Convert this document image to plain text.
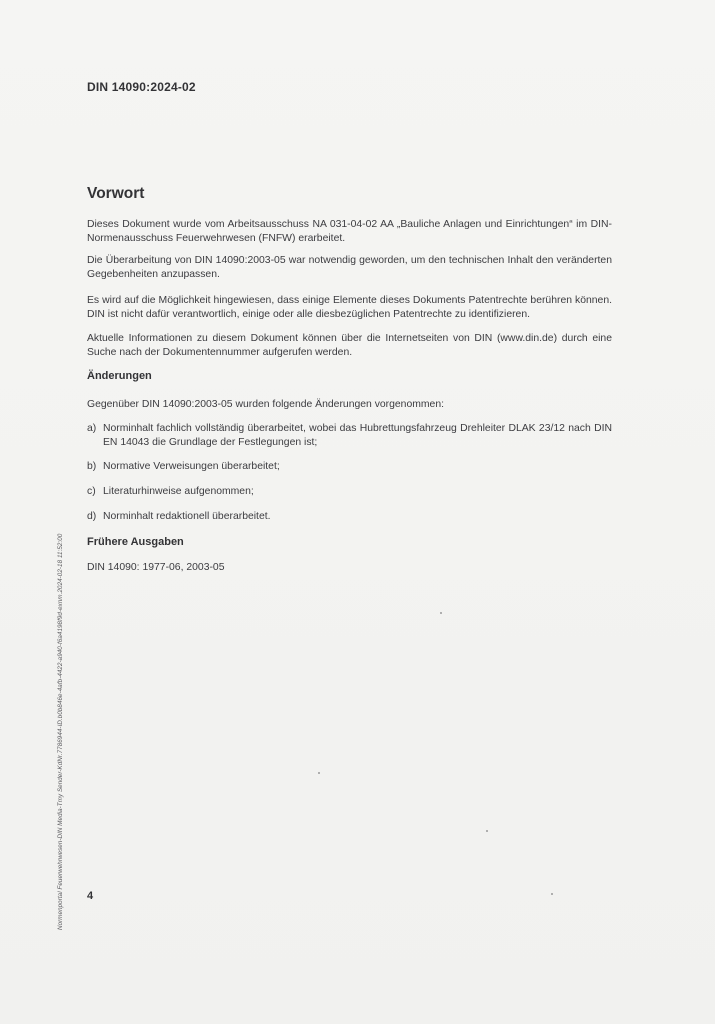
DIN 14090:2024-02
Vorwort
Dieses Dokument wurde vom Arbeitsausschuss NA 031-04-02 AA „Bauliche Anlagen und Einrichtungen“ im DIN-Normenausschuss Feuerwehrwesen (FNFW) erarbeitet.
Die Überarbeitung von DIN 14090:2003-05 war notwendig geworden, um den technischen Inhalt den veränderten Gegebenheiten anzupassen.
Es wird auf die Möglichkeit hingewiesen, dass einige Elemente dieses Dokuments Patentrechte berühren können. DIN ist nicht dafür verantwortlich, einige oder alle diesbezüglichen Patentrechte zu identifizieren.
Aktuelle Informationen zu diesem Dokument können über die Internetseiten von DIN (www.din.de) durch eine Suche nach der Dokumentennummer aufgerufen werden.
Änderungen
Gegenüber DIN 14090:2003-05 wurden folgende Änderungen vorgenommen:
a) Norminhalt fachlich vollständig überarbeitet, wobei das Hubrettungsfahrzeug Drehleiter DLAK 23/12 nach DIN EN 14043 die Grundlage der Festlegungen ist;
b) Normative Verweisungen überarbeitet;
c) Literaturhinweise aufgenommen;
d) Norminhalt redaktionell überarbeitet.
Frühere Ausgaben
DIN 14090: 1977-06, 2003-05
4
Normenportal Feuerwehrwesen-DIN Media-Tmy Sender-KdNr.7786944-ID.b0b846e-4afb-4422-a940-f6a4198f9d-exnm.2024-02-18 11:52:00
